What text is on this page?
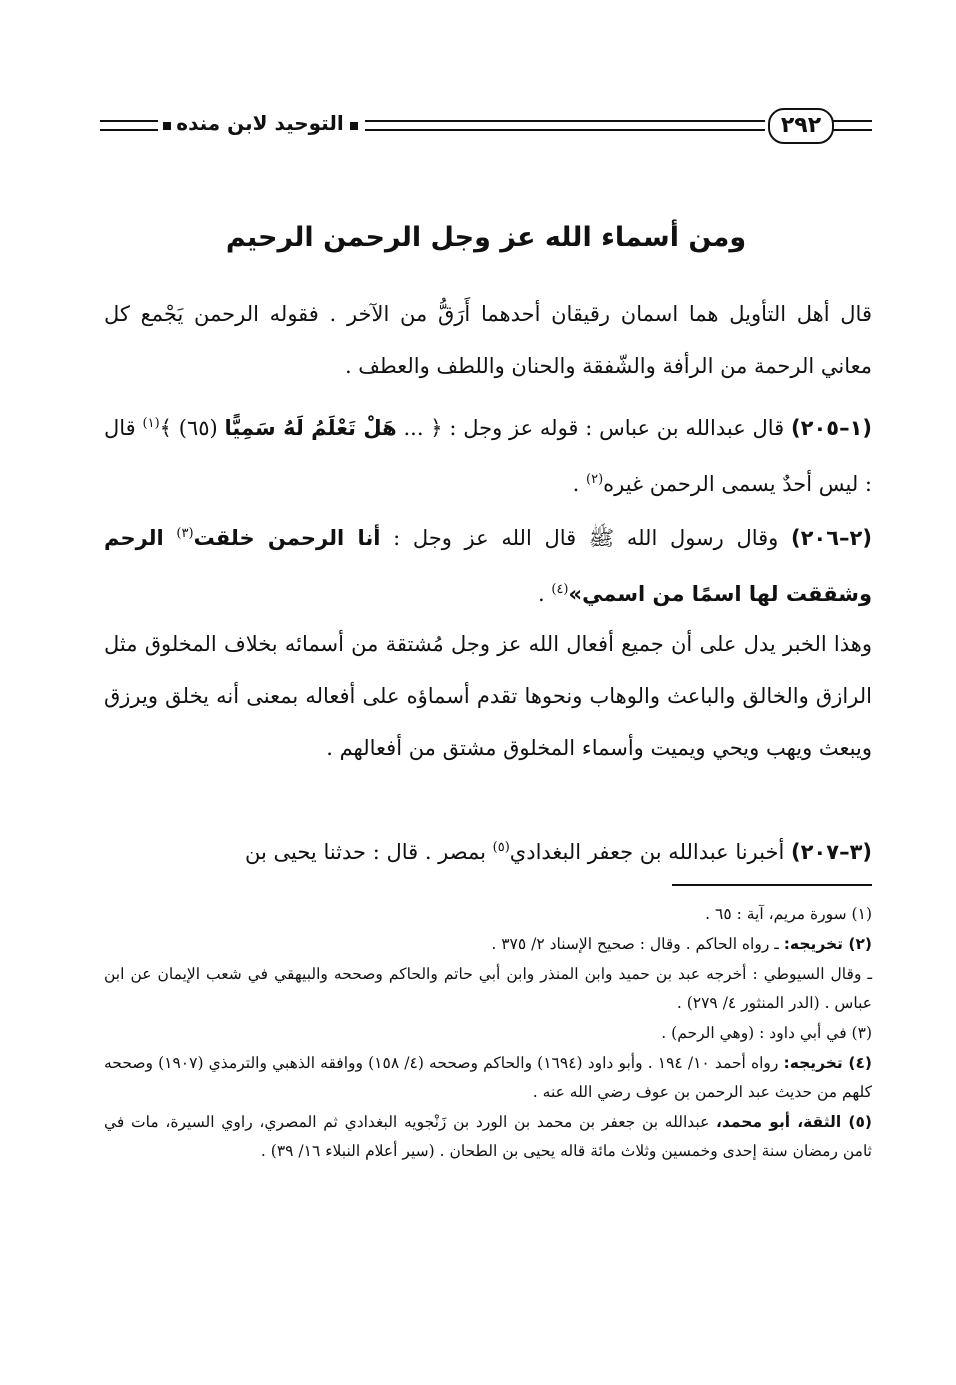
٢٩٢
التوحيد لابن منده
ومن أسماء الله عز وجل الرحمن الرحيم
قال أهل التأويل هما اسمان رقيقان أحدهما أَرَقُّ من الآخر . فقوله الرحمن يَجْمع كل معاني الرحمة من الرأفة والشّفقة والحنان واللطف والعطف .
(١–٢٠٥) قال عبدالله بن عباس : قوله عز وجل : ﴿ ... هَلْ تَعْلَمُ لَهُ سَمِيًّا (٦٥) ﴾$^{(١)}$ قال : ليس أحدٌ يسمى الرحمن غيره$^{(٢)}$ .
(٢–٢٠٦) وقال رسول الله ﷺ قال الله عز وجل : أنا الرحمن خلقت$^{(٣)}$ الرحم وشققت لها اسمًا من اسمي»$^{(٤)}$ .
وهذا الخبر يدل على أن جميع أفعال الله عز وجل مُشتقة من أسمائه بخلاف المخلوق مثل الرازق والخالق والباعث والوهاب ونحوها تقدم أسماؤه على أفعاله بمعنى أنه يخلق ويرزق ويبعث ويهب ويحي ويميت وأسماء المخلوق مشتق من أفعالهم .
(٣–٢٠٧) أخبرنا عبدالله بن جعفر البغدادي$^{(٥)}$ بمصر . قال : حدثنا يحيى بن

(١) سورة مريم، آية : ٦٥ .

(٢) تخريجه: ـ رواه الحاكم . وقال : صحيح الإسناد ٢/ ٣٧٥ .

ـ وقال السيوطي : أخرجه عبد بن حميد وابن المنذر وابن أبي حاتم والحاكم وصححه والبيهقي في شعب الإيمان عن ابن عباس . (الدر المنثور ٤/ ٢٧٩) .

(٣) في أبي داود : (وهي الرحم) .

(٤) تخريجه: رواه أحمد ١٠/ ١٩٤ . وأبو داود (١٦٩٤) والحاكم وصححه (٤/ ١٥٨) ووافقه الذهبي والترمذي (١٩٠٧) وصححه كلهم من حديث عبد الرحمن بن عوف رضي الله عنه .

(٥) الثقة، أبو محمد، عبدالله بن جعفر بن محمد بن الورد بن زَنْجويه البغدادي ثم المصري، راوي السيرة، مات في ثامن رمضان سنة إحدى وخمسين وثلاث مائة قاله يحيى بن الطحان . (سير أعلام النبلاء ١٦/ ٣٩) .
